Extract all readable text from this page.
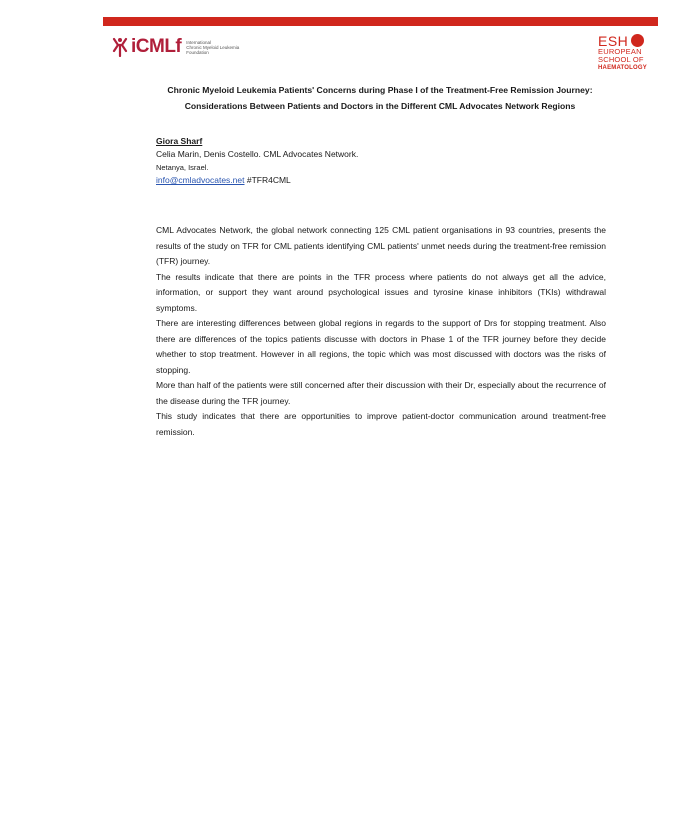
iCMLf International
Chronic Myeloid Leukemia
Foundation
ESH
EUROPEAN
SCHOOL OF
HAEMATOLOGY
Chronic Myeloid Leukemia Patients' Concerns during Phase I of the Treatment-Free Remission Journey:
Considerations Between Patients and Doctors in the Different CML Advocates Network Regions
Giora Sharf
Celia Marin, Denis Costello. CML Advocates Network.
Netanya, Israel.
info@cmladvocates.net #TFR4CML

CML Advocates Network, the global network connecting 125 CML patient organisations in 93 countries, presents the results of the study on TFR for CML patients identifying CML patients' unmet needs during the treatment-free remission (TFR) journey.

The results indicate that there are points in the TFR process where patients do not always get all the advice, information, or support they want around psychological issues and tyrosine kinase inhibitors (TKIs) withdrawal symptoms.

There are interesting differences between global regions in regards to the support of Drs for stopping treatment. Also there are differences of the topics patients discusse with doctors in Phase 1 of the TFR journey before they decide whether to stop treatment. However in all regions, the topic which was most discussed with doctors was the risks of stopping.

More than half of the patients were still concerned after their discussion with their Dr, especially about the recurrence of the disease during the TFR journey.

This study indicates that there are opportunities to improve patient-doctor communication around treatment-free remission.
